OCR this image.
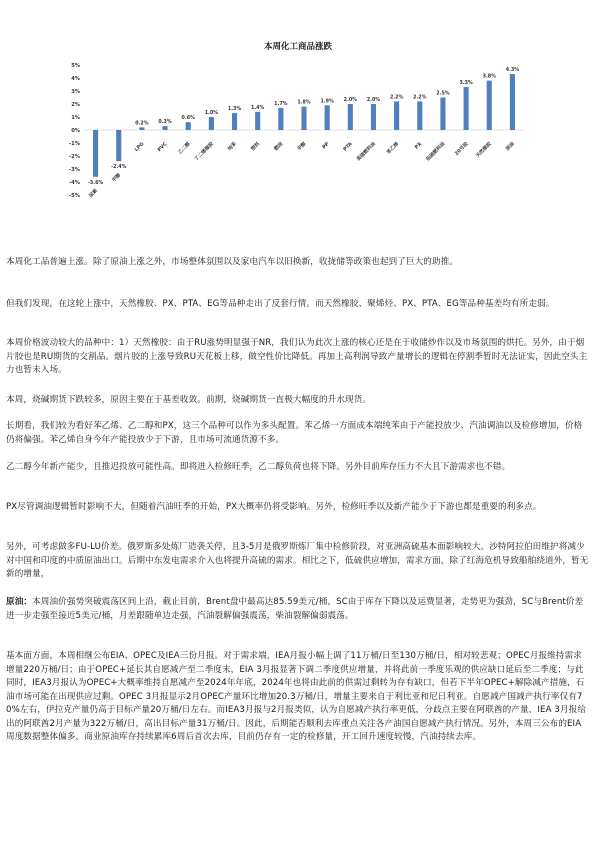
本周化工商品涨跌
5%
4%
3%
2%
1%
0%
-1%
-2%
-3%
-4%
-5%
-3.6%
-2.4%
0.2% 0.3%
0.6%
1.0%
1.3% 1.4%
1.7% 1.8% 1.9% 2.0% 2.0%
2.2% 2.2%
2.5%
3.3%
3.8%
4.3%
尿素
甲醇
LPG	PVC 乙二醇 丁二烯橡胶	纯苯	塑料	燃油	甲醇	PP	PTA 高硫燃料油 苯乙烯	PX 低硫燃料油 20号胶 天然橡胶	原油

本周化工品普遍上涨。除了原油上涨之外，市场整体氛围以及家电汽车以旧换新，收拢储等政策也起到了巨大的助推。

但我们发现，在这轮上涨中，天然橡胶、PX、PTA、EG等品种走出了反套行情。而天然橡胶、聚烯烃、PX、PTA、EG等品种基差均有所走弱。

本周价格波动较大的品种中：1）天然橡胶：由于RU涨势明显强于NR，我们认为此次上涨的核心还是在于收储炒作以及市场氛围的烘托。另外，由于烟片胶也是RU期货的交割品。烟片胶的上涨导致RU天花板上移，做空性价比降低。再加上高利润导致产量增长的逻辑在停割季暂时无法证实，因此空头主力也暂未入场。

本周，烧碱期货下跌较多，原因主要在于基差收敛。前期，烧碱期货一直极大幅度的升水现货。

长期看，我们较为看好苯乙烯、乙二醇和PX，这三个品种可以作为多头配置。苯乙烯一方面成本端纯苯由于产能投放少、汽油调油以及检修增加，价格仍将偏强。苯乙烯自身今年产能投放少于下游，且市场可流通货源不多。

乙二醇今年新产能少，且推迟投放可能性高。即将进入检修旺季，乙二醇负荷也将下降。另外目前库存压力不大且下游需求也不错。

PX尽管调油逻辑暂时影响不大，但随着汽油旺季的开始，PX大概率仍将受影响。另外，检修旺季以及新产能少于下游也都是重要的利多点。

另外，可考虑做多FU-LU价差。俄罗斯多处炼厂造袭关停，且3-5月是俄罗斯炼厂集中检修阶段，对亚洲高硫基本面影响较大。沙特阿拉伯田维护将减少对中国和印度的中质原油出口。后期中东发电需求介入也将提升高硫的需求。相比之下，低硫供应增加，需求方面，除了红海危机导致船舶绕道外，暂无新的增量，

原油：本周油价强势突破震荡区间上沿，截止目前，Brent盘中最高达85.59美元/桶，SC由于库存下降以及运费显著，走势更为强劲，SC与Brent价差进一步走强至接近5美元/桶，月差跟随单边走强，汽油裂解偏强震荡，柴油裂解偏弱震荡。

基本面方面，本周相继公布EIA、OPEC及IEA三份月报。对于需求端，IEA月报小幅上调了11万桶/日至130万桶/日，相对较悲观；OPEC月报维持需求增量220万桶/日；由于OPEC+延长其自愿减产至二季度末，EIA 3月报显著下调二季度供应增量，并将此前一季度乐观的供应缺口延后至二季度；与此同时，IEA3月报认为OPEC+大概率维持自愿减产至2024年年底，2024年也将由此前的供需过剩转为存有缺口，但若下半年OPEC+解除减产措施，石油市场可能在出现供应过剩。OPEC 3月报显示2月OPEC产量环比增加20.3万桶/日，增量主要来自于利比亚和尼日利亚。自愿减产国减产执行率仅有70%左右，伊拉克产量仍高于目标产量20万桶/日左右。而IEA3月报与2月报类似，认为自愿减产执行率更低，分歧点主要在阿联酋的产量，IEA 3月报给出的阿联酋2月产量为322万桶/日，高出目标产量31万桶/日。因此，后期能否顺利去库重点关注各产油国自愿减产执行情况。另外，本周三公布的EIA 周度数据整体偏多，商业原油库存持续累库6周后首次去库，目前仍存有一定的检修量，开工回升速度较慢，汽油持续去库。
